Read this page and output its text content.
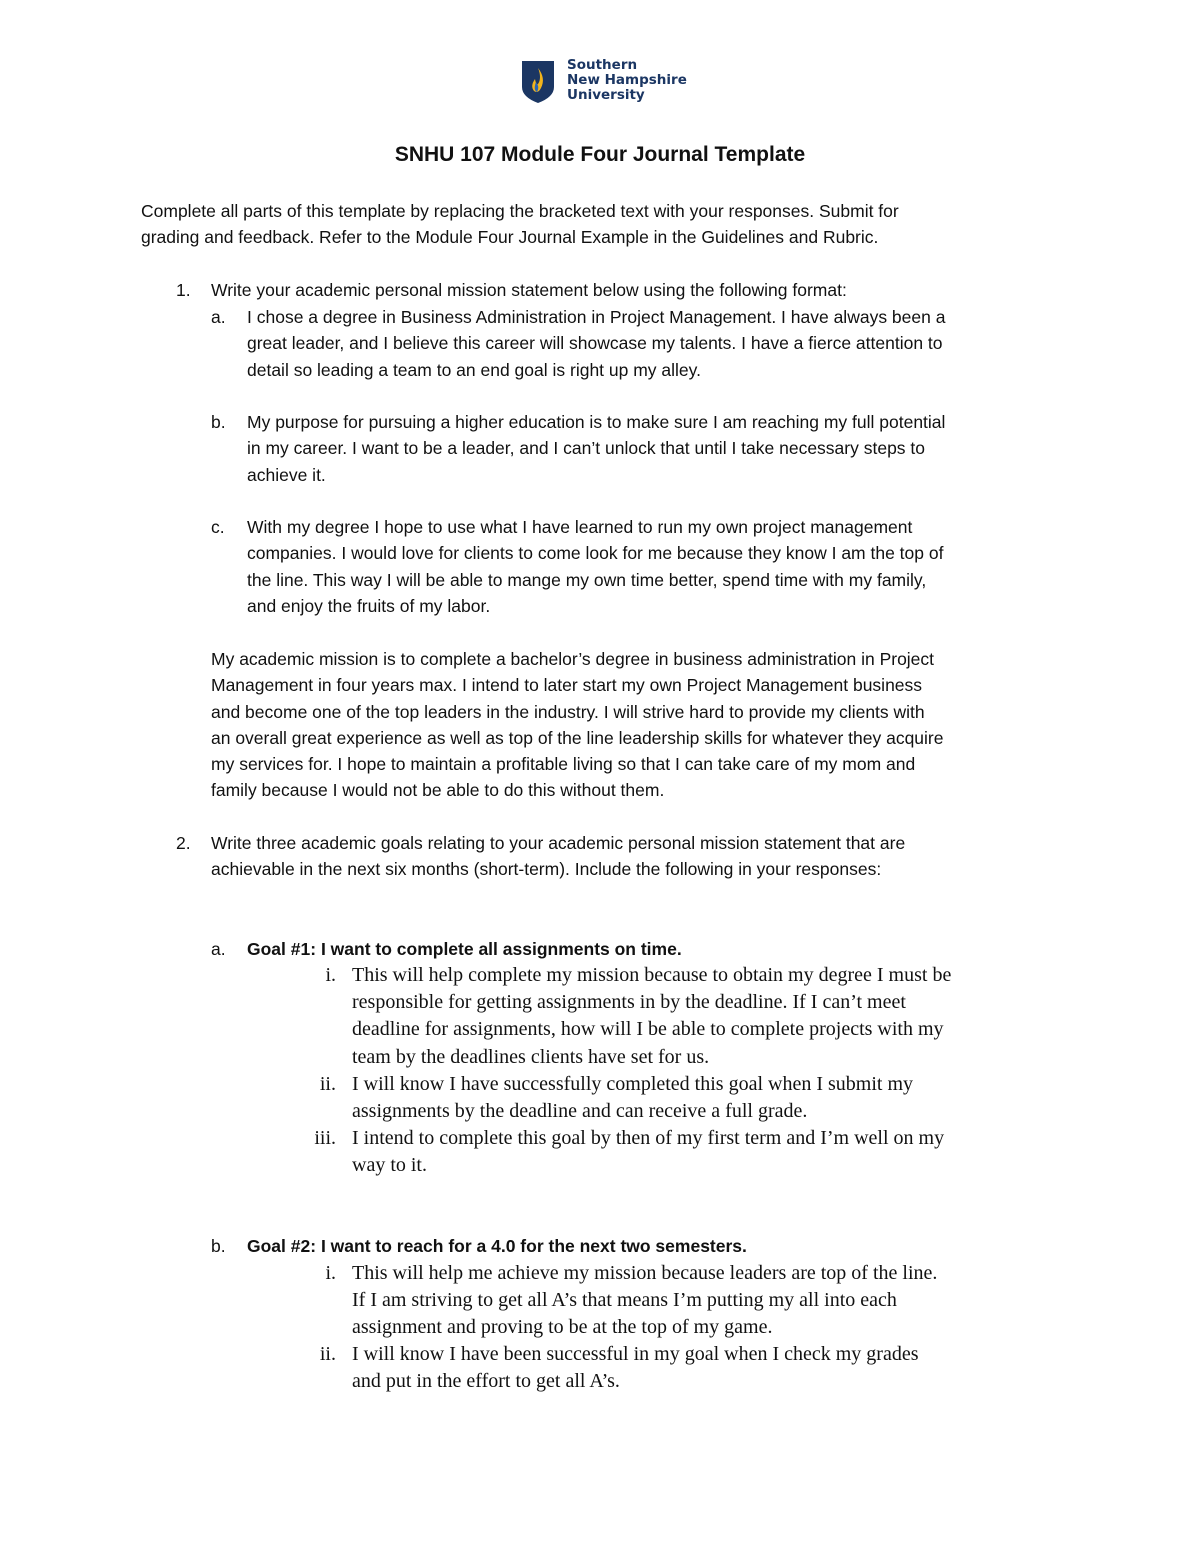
Southern
New Hampshire
University
SNHU 107 Module Four Journal Template
Complete all parts of this template by replacing the bracketed text with your responses. Submit for
grading and feedback. Refer to the Module Four Journal Example in the Guidelines and Rubric.
1. Write your academic personal mission statement below using the following format:
a. I chose a degree in Business Administration in Project Management. I have always been a
great leader, and I believe this career will showcase my talents. I have a fierce attention to
detail so leading a team to an end goal is right up my alley.
b. My purpose for pursuing a higher education is to make sure I am reaching my full potential
in my career. I want to be a leader, and I can’t unlock that until I take necessary steps to
achieve it.
c. With my degree I hope to use what I have learned to run my own project management
companies. I would love for clients to come look for me because they know I am the top of
the line. This way I will be able to mange my own time better, spend time with my family,
and enjoy the fruits of my labor.
My academic mission is to complete a bachelor’s degree in business administration in Project
Management in four years max. I intend to later start my own Project Management business
and become one of the top leaders in the industry. I will strive hard to provide my clients with
an overall great experience as well as top of the line leadership skills for whatever they acquire
my services for. I hope to maintain a profitable living so that I can take care of my mom and
family because I would not be able to do this without them.
2. Write three academic goals relating to your academic personal mission statement that are
achievable in the next six months (short-term). Include the following in your responses:
a. Goal #1: I want to complete all assignments on time.
i. This will help complete my mission because to obtain my degree I must be
responsible for getting assignments in by the deadline. If I can’t meet
deadline for assignments, how will I be able to complete projects with my
team by the deadlines clients have set for us.
ii. I will know I have successfully completed this goal when I submit my
assignments by the deadline and can receive a full grade.
iii. I intend to complete this goal by then of my first term and I’m well on my
way to it.
b. Goal #2: I want to reach for a 4.0 for the next two semesters.
i. This will help me achieve my mission because leaders are top of the line.
If I am striving to get all A’s that means I’m putting my all into each
assignment and proving to be at the top of my game.
ii. I will know I have been successful in my goal when I check my grades
and put in the effort to get all A’s.
